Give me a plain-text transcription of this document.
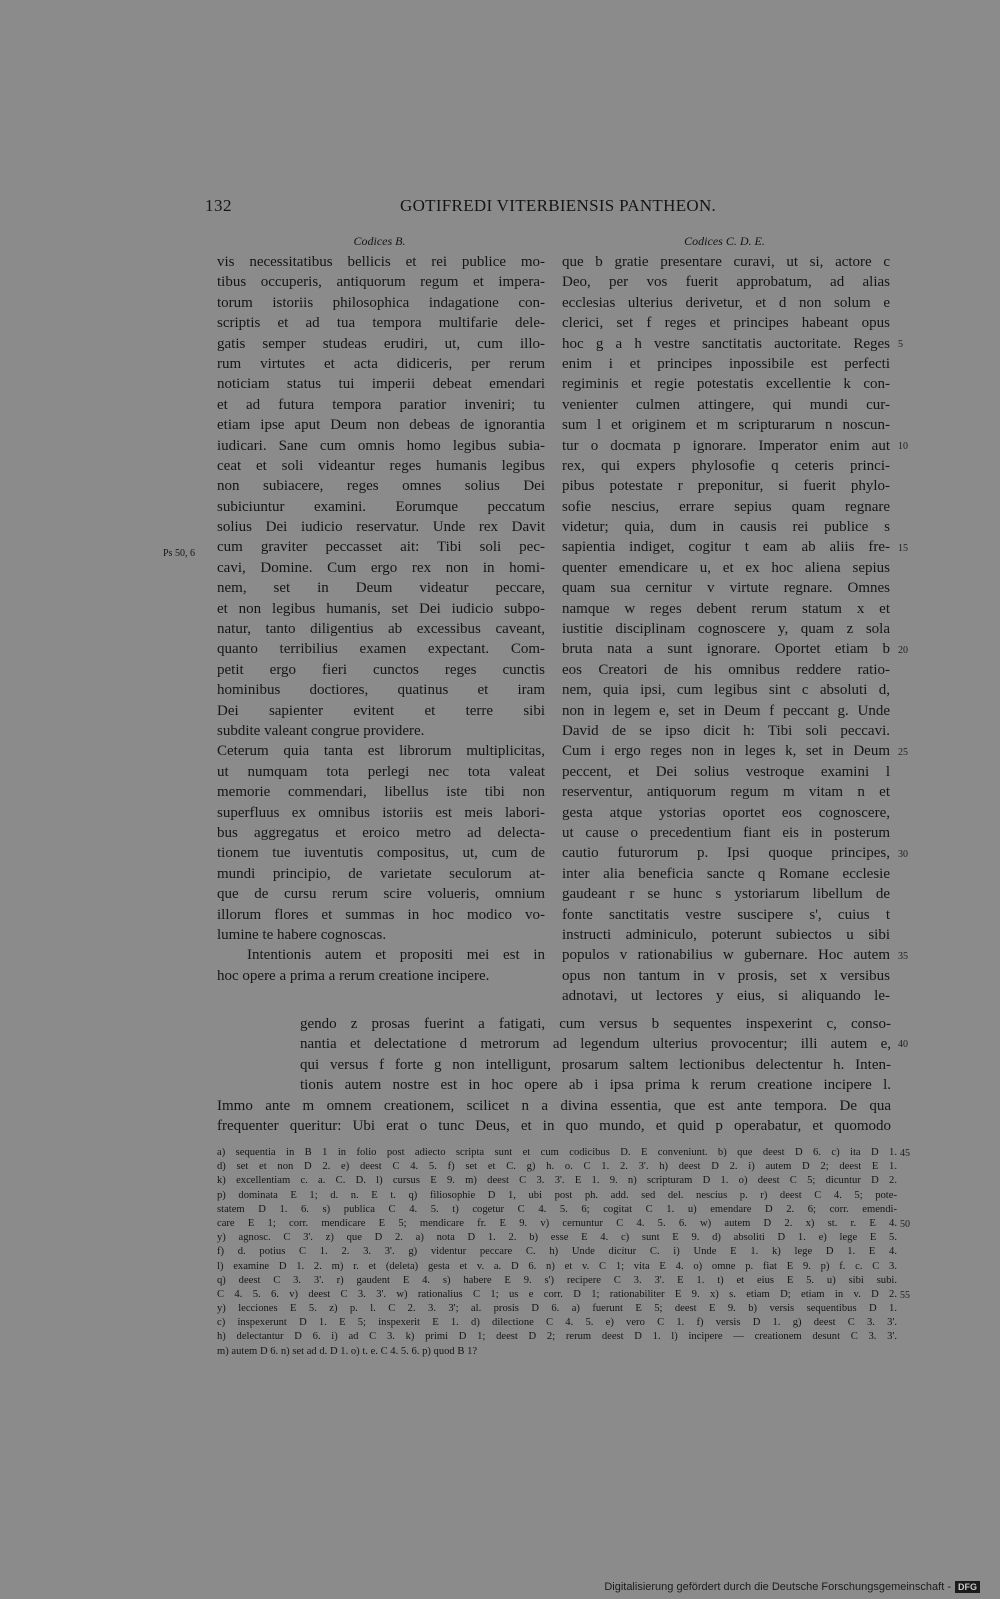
132	GOTIFREDI VITERBIENSIS PANTHEON.
Codices B.	Codices C. D. E.
Ps 50, 6
vis necessitatibus bellicis et rei publice mo-
tibus occuperis, antiquorum regum et impera-
torum istoriis philosophica indagatione con-
scriptis et ad tua tempora multifarie dele-
gatis semper studeas erudiri, ut, cum illo-
rum virtutes et acta didiceris, per rerum
noticiam status tui imperii debeat emendari
et ad futura tempora paratior inveniri; tu
etiam ipse aput Deum non debeas de ignorantia
iudicari. Sane cum omnis homo legibus subia-
ceat et soli videantur reges humanis legibus
non subiacere, reges omnes solius Dei
subiciuntur examini. Eorumque peccatum
solius Dei iudicio reservatur. Unde rex Davit
cum graviter peccasset ait: Tibi soli pec-
cavi, Domine. Cum ergo rex non in homi-
nem, set in Deum videatur peccare,
et non legibus humanis, set Dei iudicio subpo-
natur, tanto diligentius ab excessibus caveant,
quanto terribilius examen expectant. Com-
petit ergo fieri cunctos reges cunctis
hominibus doctiores, quatinus et iram
Dei sapienter evitent et terre sibi
subdite valeant congrue providere.
Ceterum quia tanta est librorum multiplicitas,
ut numquam tota perlegi nec tota valeat
memorie commendari, libellus iste tibi non
superfluus ex omnibus istoriis est meis labori-
bus aggregatus et eroico metro ad delecta-
tionem tue iuventutis compositus, ut, cum de
mundi principio, de varietate seculorum at-
que de cursu rerum scire volueris, omnium
illorum flores et summas in hoc modico vo-
lumine te habere cognoscas.
Intentionis autem et propositi mei est in
hoc opere a prima a rerum creatione incipere.
que b gratie presentare curavi, ut si, actore c
Deo, per vos fuerit approbatum, ad alias
ecclesias ulterius derivetur, et d non solum e
clerici, set f reges et principes habeant opus
hoc g a h vestre sanctitatis auctoritate. Reges
enim i et principes inpossibile est perfecti
regiminis et regie potestatis excellentie k con-
venienter culmen attingere, qui mundi cur-
sum l et originem et m scripturarum n noscun-
tur o docmata p ignorare. Imperator enim aut
rex, qui expers phylosofie q ceteris princi-
pibus potestate r preponitur, si fuerit phylo-
sofie nescius, errare sepius quam regnare
videtur; quia, dum in causis rei publice s
sapientia indiget, cogitur t eam ab aliis fre-
quenter emendicare u, et ex hoc aliena sepius
quam sua cernitur v virtute regnare. Omnes
namque w reges debent rerum statum x et
iustitie disciplinam cognoscere y, quam z sola
bruta nata a sunt ignorare. Oportet etiam b
eos Creatori de his omnibus reddere ratio-
nem, quia ipsi, cum legibus sint c absoluti d,
non in legem e, set in Deum f peccant g. Unde
David de se ipso dicit h: Tibi soli peccavi.
Cum i ergo reges non in leges k, set in Deum
peccent, et Dei solius vestroque examini l
reserventur, antiquorum regum m vitam n et
gesta atque ystorias oportet eos cognoscere,
ut cause o precedentium fiant eis in posterum
cautio futurorum p. Ipsi quoque principes,
inter alia beneficia sancte q Romane ecclesie
gaudeant r se hunc s ystoriarum libellum de
fonte sanctitatis vestre suscipere s', cuius t
instructi adminiculo, poterunt subiectos u sibi
populos v rationabilius w gubernare. Hoc autem
opus non tantum in v prosis, set x versibus
adnotavi, ut lectores y eius, si aliquando le-
gendo z prosas fuerint a fatigati, cum versus b sequentes inspexerint c, conso-
nantia et delectatione d metrorum ad legendum ulterius provocentur; illi autem e,
qui versus f forte g non intelligunt, prosarum saltem lectionibus delectentur h. Inten-
tionis autem nostre est in hoc opere ab i ipsa prima k rerum creatione incipere l.
Immo ante m omnem creationem, scilicet n a divina essentia, que est ante tempora. De qua
frequenter queritur: Ubi erat o tunc Deus, et in quo mundo, et quid p operabatur, et quomodo
5
10
15
20
25
30
35
40
45
50
55
a) sequentia in B 1 in folio post adiecto scripta sunt et cum codicibus D. E conveniunt. b) que deest D 6. c) ita D 1.
d) set et non D 2. e) deest C 4. 5. f) set et C. g) h. o. C 1. 2. 3'. h) deest D 2. i) autem D 2; deest E 1.
k) excellentiam c. a. C. D. l) cursus E 9. m) deest C 3. 3'. E 1. 9. n) scripturam D 1. o) deest C 5; dicuntur D 2.
p) dominata E 1; d. n. E t. q) filiosophie D 1, ubi post ph. add. sed del. nescius p. r) deest C 4. 5; pote-
statem D 1. 6. s) publica C 4. 5. t) cogetur C 4. 5. 6; cogitat C 1. u) emendare D 2. 6; corr. emendi-
care E 1; corr. mendicare E 5; mendicare fr. E 9. v) cernuntur C 4. 5. 6. w) autem D 2. x) st. r. E 4.
y) agnosc. C 3'. z) que D 2. a) nota D 1. 2. b) esse E 4. c) sunt E 9. d) absoliti D 1. e) lege E 5.
f) d. potius C 1. 2. 3. 3'. g) videntur peccare C. h) Unde dicitur C. i) Unde E 1. k) lege D 1. E 4.
l) examine D 1. 2. m) r. et (deleta) gesta et v. a. D 6. n) et v. C 1; vita E 4. o) omne p. fiat E 9. p) f. c. C 3.
q) deest C 3. 3'. r) gaudent E 4. s) habere E 9. s') recipere C 3. 3'. E 1. t) et eius E 5. u) sibi subi.
C 4. 5. 6. v) deest C 3. 3'. w) rationalius C 1; us e corr. D 1; rationabiliter E 9. x) s. etiam D; etiam in v. D 2.
y) lecciones E 5. z) p. l. C 2. 3. 3'; al. prosis D 6. a) fuerunt E 5; deest E 9. b) versis sequentibus D 1.
c) inspexerunt D 1. E 5; inspexerit E 1. d) dilectione C 4. 5. e) vero C 1. f) versis D 1. g) deest C 3. 3'.
h) delectantur D 6. i) ad C 3. k) primi D 1; deest D 2; rerum deest D 1. l) incipere — creationem desunt C 3. 3'.
m) autem D 6. n) set ad d. D 1. o) t. e. C 4. 5. 6. p) quod B 1?
Digitalisierung gefördert durch die Deutsche Forschungsgemeinschaft - DFG
